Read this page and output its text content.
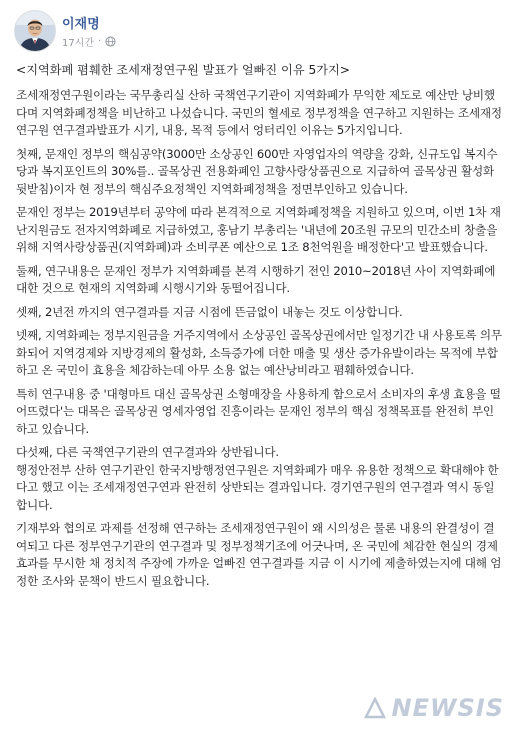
이재명
17시간 ·

<지역화폐 폄훼한 조세재정연구원 발표가 얼빠진 이유 5가지>

조세재정연구원이라는 국무총리실 산하 국책연구기관이 지역화폐가 무익한 제도로 예산만 낭비했다며 지역화폐정책을 비난하고 나섰습니다. 국민의 혈세로 정부정책을 연구하고 지원하는 조세재정연구원 연구결과발표가 시기, 내용, 목적 등에서 엉터리인 이유는 5가지입니다.

첫째, 문재인 정부의 핵심공약(3000만 소상공인 600만 자영업자의 역량을 강화, 신규도입 복지수당과 복지포인트의 30%를.. 골목상권 전용화폐인 고향사랑상품권으로 지급하여 골목상권 활성화 뒷받침)이자 현 정부의 핵심주요정책인 지역화폐정책을 정면부인하고 있습니다.

문재인 정부는 2019년부터 공약에 따라 본격적으로 지역화폐정책을 지원하고 있으며, 이번 1차 재난지원금도 전자지역화폐로 지급하였고, 홍남기 부총리는 '내년에 20조원 규모의 민간소비 창출을 위해 지역사랑상품권(지역화폐)과 소비쿠폰 예산으로 1조 8천억원을 배정한다'고 발표했습니다.

둘째, 연구내용은 문재인 정부가 지역화폐를 본격 시행하기 전인 2010~2018년 사이 지역화폐에 대한 것으로 현재의 지역화폐 시행시기와 동떨어집니다.

셋째, 2년전 까지의 연구결과를 지금 시점에 뜬금없이 내놓는 것도 이상합니다.

넷째, 지역화폐는 정부지원금을 거주지역에서 소상공인 골목상권에서만 일정기간 내 사용토록 의무화되어 지역경제와 지방경제의 활성화, 소득증가에 더한 매출 및 생산 증가유발이라는 목적에 부합하고 온 국민이 효용을 체감하는데 아무 소용 없는 예산낭비라고 폄훼하였습니다.

특히 연구내용 중 '대형마트 대신 골목상권 소형매장을 사용하게 함으로서 소비자의 후생 효용을 떨어뜨렸다'는 대목은 골목상권 영세자영업 진흥이라는 문재인 정부의 핵심 정책목표를 완전히 부인하고 있습니다.

다섯째, 다른 국책연구기관의 연구결과와 상반됩니다.

행정안전부 산하 연구기관인 한국지방행정연구원은 지역화폐가 매우 유용한 정책으로 확대해야 한다고 했고 이는 조세재정연구연과 완전히 상반되는 결과입니다. 경기연구원의 연구결과 역시 동일합니다.

기재부와 협의로 과제를 선정해 연구하는 조세재정연구원이 왜 시의성은 물론 내용의 완결성이 결여되고 다른 정부연구기관의 연구결과 및 정부정책기조에 어긋나며, 온 국민에 체감한 현실의 경제효과를 무시한 채 정치적 주장에 가까운 얼빠진 연구결과를 지금 이 시기에 제출하였는지에 대해 엄정한 조사와 문책이 반드시 필요합니다.

NEWSIS
